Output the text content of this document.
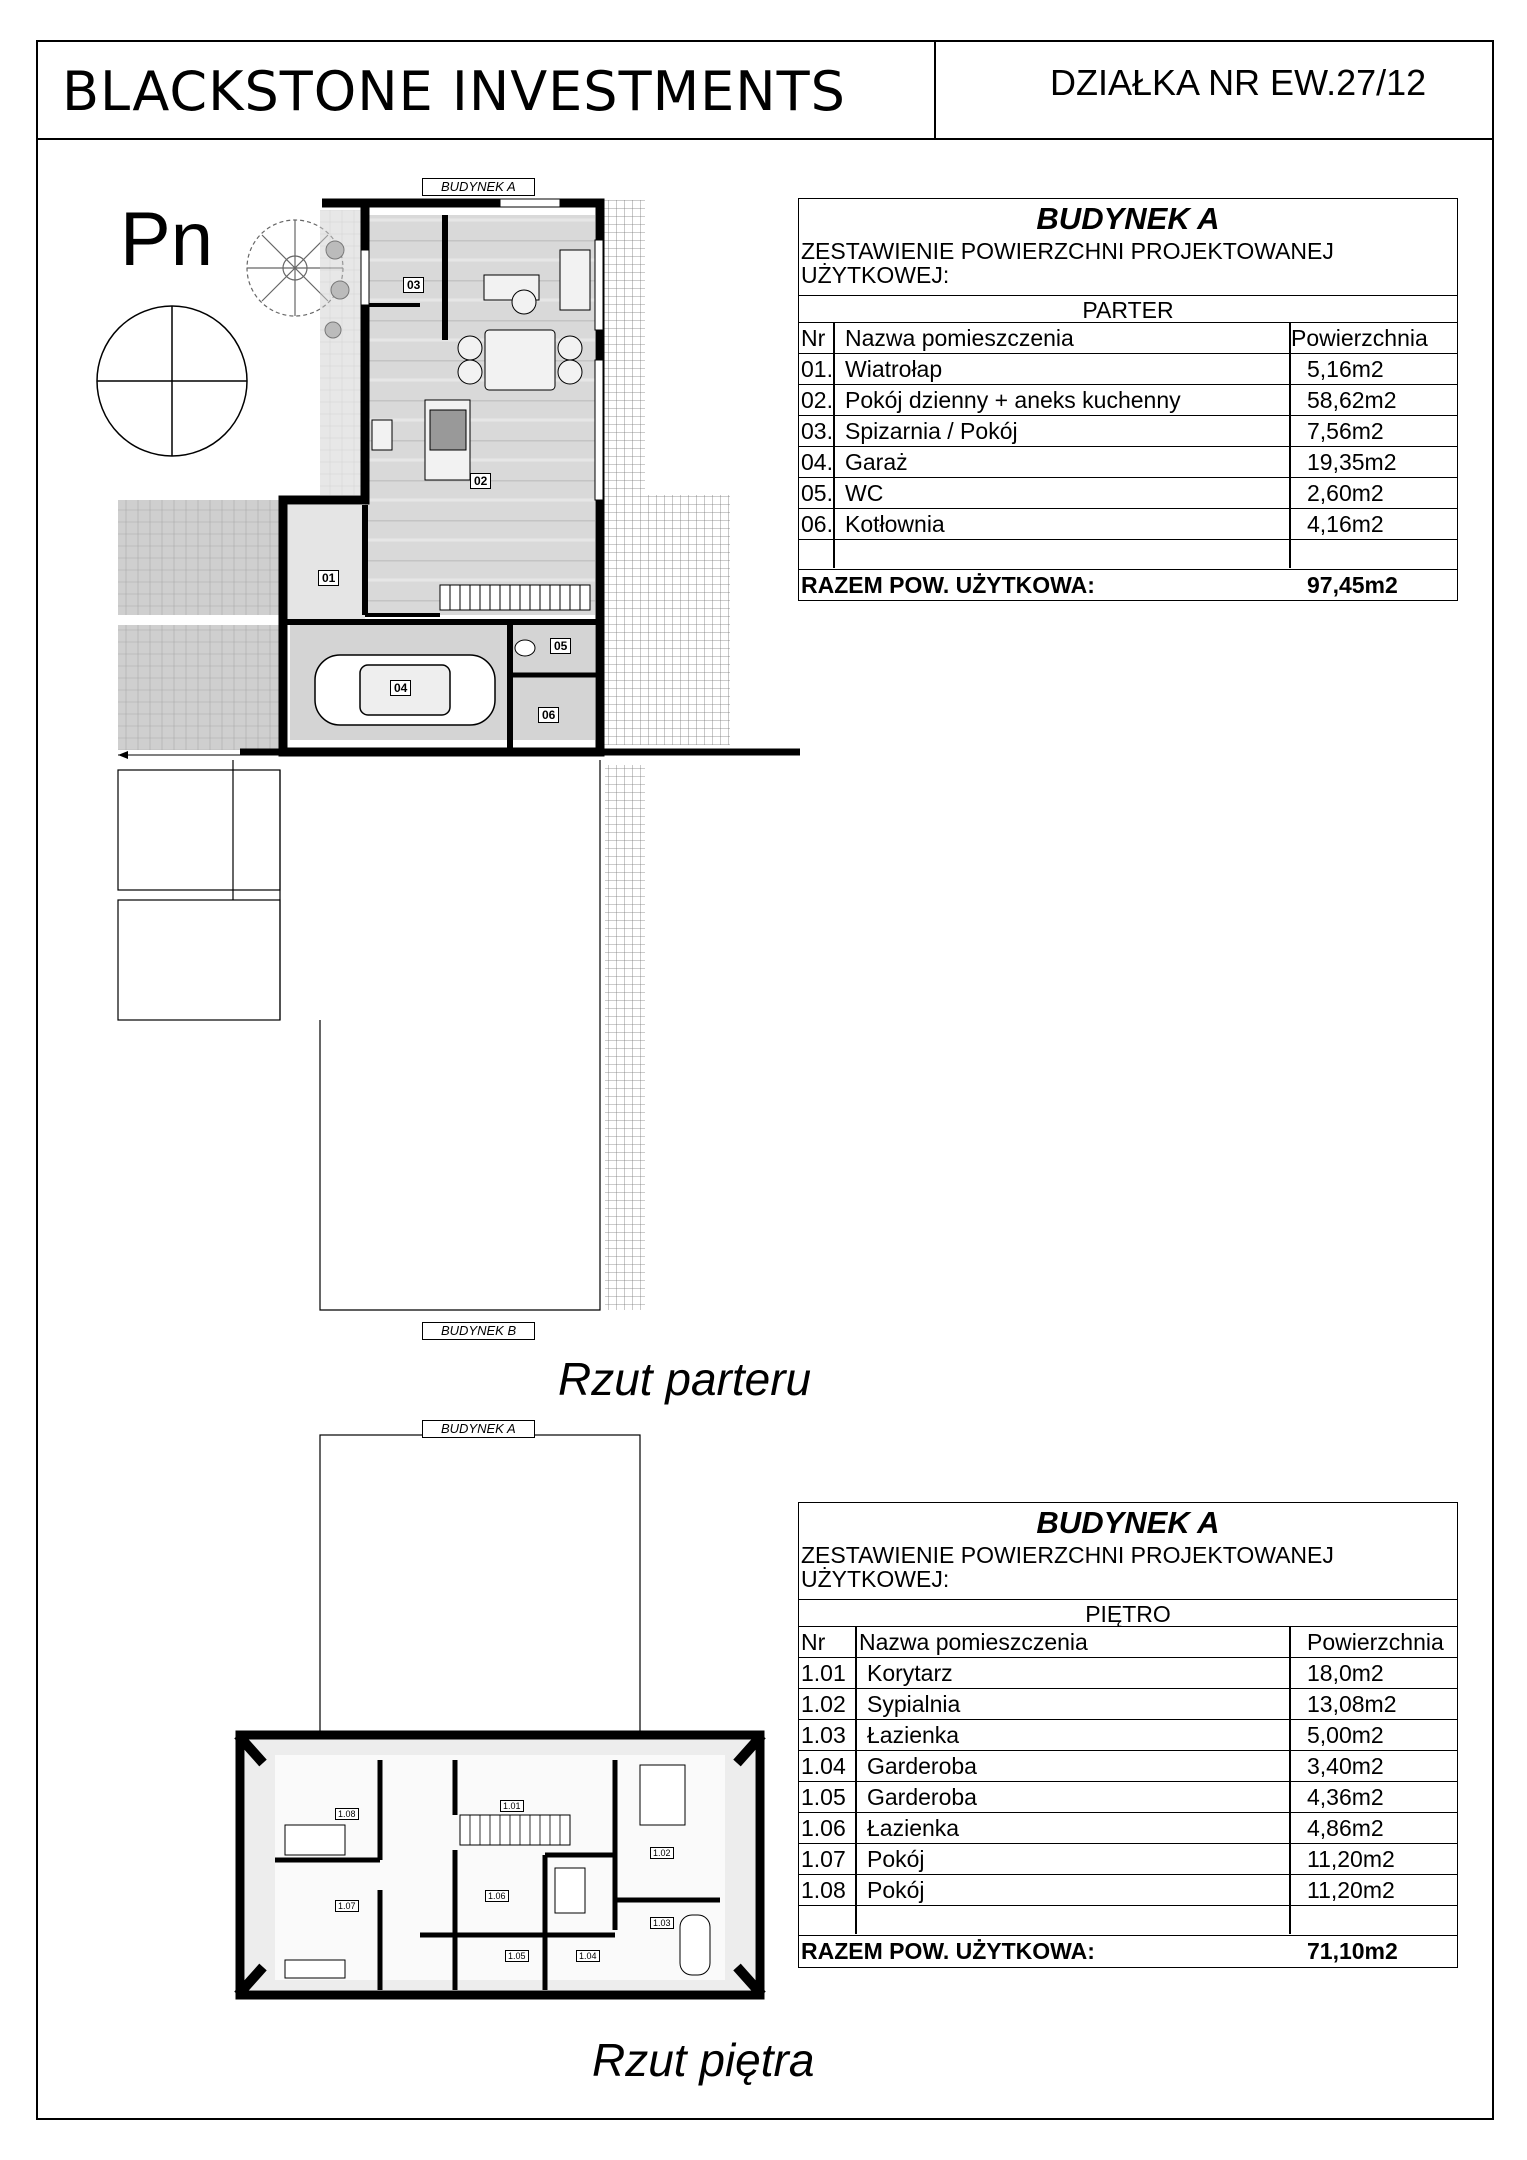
BLACKSTONE INVESTMENTS	DZIAŁKA NR EW.27/12
Pn
BUDYNEK A
BUDYNEK B
BUDYNEK A
03
02
01
04
05
06
1.01
1.02
1.03
1.04
1.05
1.06
1.07
1.08
Rzut parteru
Rzut piętra
BUDYNEK A
ZESTAWIENIE POWIERZCHNI PROJEKTOWANEJ
UŻYTKOWEJ:
PARTER
Nr Nazwa pomieszczenia	Powierzchnia
01. Wiatrołap	5,16m2
02. Pokój dzienny + aneks kuchenny	58,62m2
03. Spizarnia / Pokój	7,56m2
04. Garaż	19,35m2
05. WC	2,60m2
06. Kotłownia	4,16m2
RAZEM POW. UŻYTKOWA:	97,45m2
BUDYNEK A
ZESTAWIENIE POWIERZCHNI PROJEKTOWANEJ
UŻYTKOWEJ:
PIĘTRO
Nr Nazwa pomieszczenia	Powierzchnia
1.01 Korytarz	18,0m2
1.02 Sypialnia	13,08m2
1.03 Łazienka	5,00m2
1.04 Garderoba	3,40m2
1.05 Garderoba	4,36m2
1.06 Łazienka	4,86m2
1.07 Pokój	11,20m2
1.08 Pokój	11,20m2
RAZEM POW. UŻYTKOWA:	71,10m2
